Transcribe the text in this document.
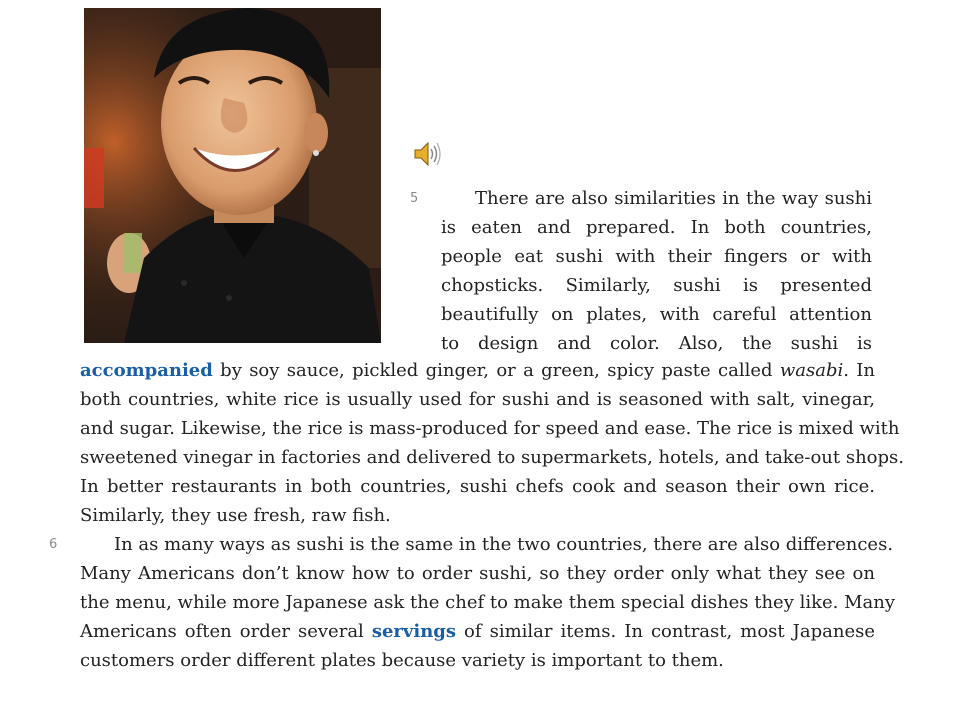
5	There are also similarities in the way sushi
is eaten and prepared. In both countries,
people eat sushi with their fingers or with
chopsticks. Similarly, sushi is presented
beautifully on plates, with careful attention
to design and color. Also, the sushi is
accompanied by soy sauce, pickled ginger, or a green, spicy paste called wasabi. In
both countries, white rice is usually used for sushi and is seasoned with salt, vinegar,
and sugar. Likewise, the rice is mass-produced for speed and ease. The rice is mixed with
sweetened vinegar in factories and delivered to supermarkets, hotels, and take-out shops.
In better restaurants in both countries, sushi chefs cook and season their own rice.
Similarly, they use fresh, raw fish.
6	In as many ways as sushi is the same in the two countries, there are also differences.
Many Americans don’t know how to order sushi, so they order only what they see on
the menu, while more Japanese ask the chef to make them special dishes they like. Many
Americans often order several servings of similar items. In contrast, most Japanese
customers order different plates because variety is important to them.
